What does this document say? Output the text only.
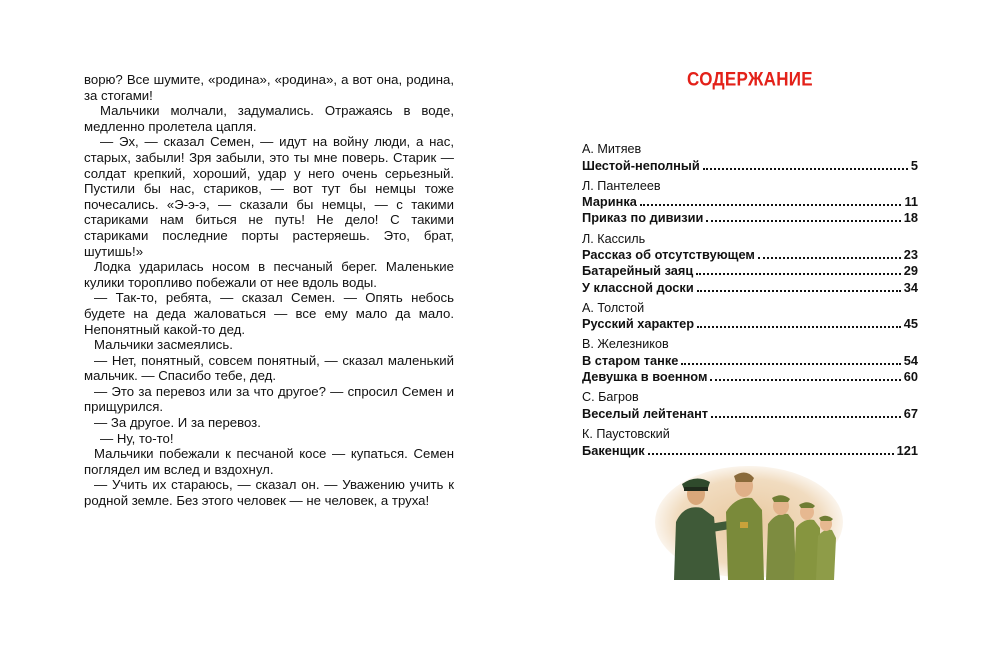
ворю? Все шумите, «родина», «родина», а вот она, родина, за стогами!

Мальчики молчали, задумались. Отражаясь в воде, медленно пролетела цапля.

— Эх, — сказал Семен, — идут на войну люди, а нас, старых, забыли! Зря забыли, это ты мне поверь. Старик — солдат крепкий, хороший, удар у него очень серьезный. Пустили бы нас, стариков, — вот тут бы немцы тоже почесались. «Э-э-э, — сказали бы немцы, — с такими стариками нам биться не путь! Не дело! С такими стариками последние порты растеряешь. Это, брат, шутишь!»

Лодка ударилась носом в песчаный берег. Маленькие кулики торопливо побежали от нее вдоль воды.

— Так-то, ребята, — сказал Семен. — Опять небось будете на деда жаловаться — все ему мало да мало. Непонятный какой-то дед.

Мальчики засмеялись.

— Нет, понятный, совсем понятный, — сказал маленький мальчик. — Спасибо тебе, дед.

— Это за перевоз или за что другое? — спросил Семен и прищурился.

— За другое. И за перевоз.

— Ну, то-то!

Мальчики побежали к песчаной косе — купаться. Семен поглядел им вслед и вздохнул.

— Учить их стараюсь, — сказал он. — Уважению учить к родной земле. Без этого человек — не человек, а труха!

СОДЕРЖАНИЕ
А. Митяев
Шестой-неполный	5
Л. Пантелеев
Маринка	11
Приказ по дивизии	18
Л. Кассиль
Рассказ об отсутствующем	23
Батарейный заяц	29
У классной доски	34
А. Толстой
Русский характер	45
В. Железников
В старом танке	54
Девушка в военном	60
С. Багров
Веселый лейтенант	67
К. Паустовский
Бакенщик	121
